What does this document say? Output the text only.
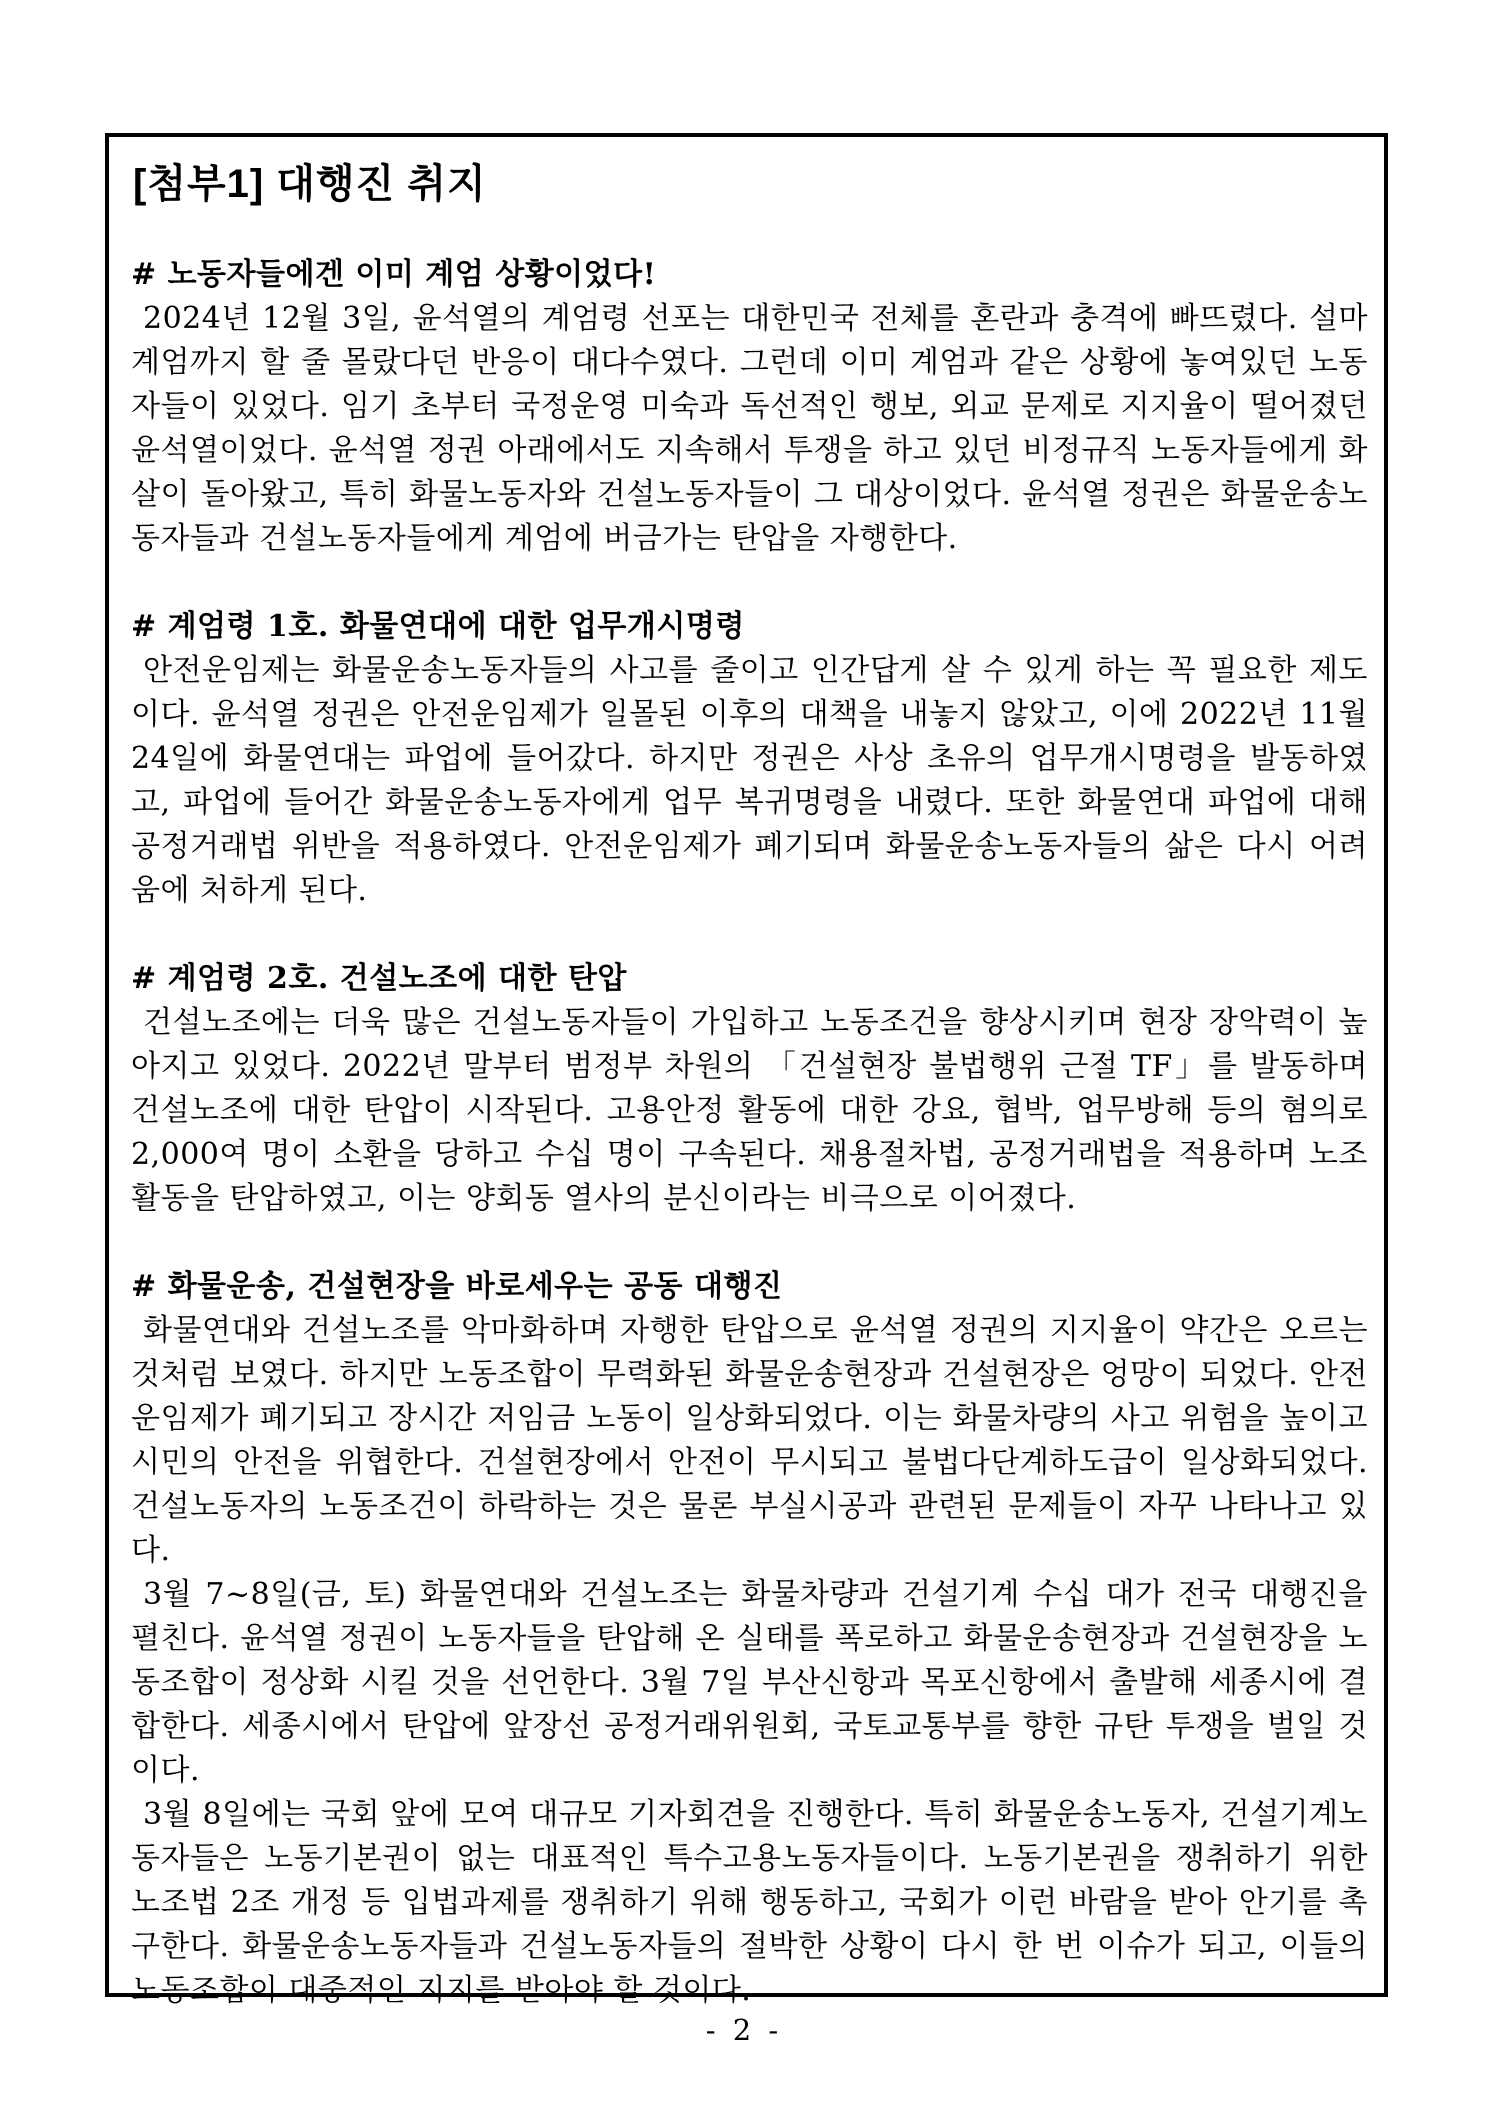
[첨부1] 대행진 취지
# 노동자들에겐 이미 계엄 상황이었다!

2024년 12월 3일, 윤석열의 계엄령 선포는 대한민국 전체를 혼란과 충격에 빠뜨렸다. 설마 계엄까지 할 줄 몰랐다던 반응이 대다수였다. 그런데 이미 계엄과 같은 상황에 놓여있던 노동자들이 있었다. 임기 초부터 국정운영 미숙과 독선적인 행보, 외교 문제로 지지율이 떨어졌던 윤석열이었다. 윤석열 정권 아래에서도 지속해서 투쟁을 하고 있던 비정규직 노동자들에게 화살이 돌아왔고, 특히 화물노동자와 건설노동자들이 그 대상이었다. 윤석열 정권은 화물운송노동자들과 건설노동자들에게 계엄에 버금가는 탄압을 자행한다.

# 계엄령 1호. 화물연대에 대한 업무개시명령

안전운임제는 화물운송노동자들의 사고를 줄이고 인간답게 살 수 있게 하는 꼭 필요한 제도이다. 윤석열 정권은 안전운임제가 일몰된 이후의 대책을 내놓지 않았고, 이에 2022년 11월 24일에 화물연대는 파업에 들어갔다. 하지만 정권은 사상 초유의 업무개시명령을 발동하였고, 파업에 들어간 화물운송노동자에게 업무 복귀명령을 내렸다. 또한 화물연대 파업에 대해 공정거래법 위반을 적용하였다. 안전운임제가 폐기되며 화물운송노동자들의 삶은 다시 어려움에 처하게 된다.

# 계엄령 2호. 건설노조에 대한 탄압

건설노조에는 더욱 많은 건설노동자들이 가입하고 노동조건을 향상시키며 현장 장악력이 높아지고 있었다. 2022년 말부터 범정부 차원의 「건설현장 불법행위 근절 TF」를 발동하며 건설노조에 대한 탄압이 시작된다. 고용안정 활동에 대한 강요, 협박, 업무방해 등의 혐의로 2,000여 명이 소환을 당하고 수십 명이 구속된다. 채용절차법, 공정거래법을 적용하며 노조활동을 탄압하였고, 이는 양회동 열사의 분신이라는 비극으로 이어졌다.

# 화물운송, 건설현장을 바로세우는 공동 대행진

화물연대와 건설노조를 악마화하며 자행한 탄압으로 윤석열 정권의 지지율이 약간은 오르는 것처럼 보였다. 하지만 노동조합이 무력화된 화물운송현장과 건설현장은 엉망이 되었다. 안전운임제가 폐기되고 장시간 저임금 노동이 일상화되었다. 이는 화물차량의 사고 위험을 높이고 시민의 안전을 위협한다. 건설현장에서 안전이 무시되고 불법다단계하도급이 일상화되었다. 건설노동자의 노동조건이 하락하는 것은 물론 부실시공과 관련된 문제들이 자꾸 나타나고 있다.

3월 7~8일(금, 토) 화물연대와 건설노조는 화물차량과 건설기계 수십 대가 전국 대행진을 펼친다. 윤석열 정권이 노동자들을 탄압해 온 실태를 폭로하고 화물운송현장과 건설현장을 노동조합이 정상화 시킬 것을 선언한다. 3월 7일 부산신항과 목포신항에서 출발해 세종시에 결합한다. 세종시에서 탄압에 앞장선 공정거래위원회, 국토교통부를 향한 규탄 투쟁을 벌일 것이다.

3월 8일에는 국회 앞에 모여 대규모 기자회견을 진행한다. 특히 화물운송노동자, 건설기계노동자들은 노동기본권이 없는 대표적인 특수고용노동자들이다. 노동기본권을 쟁취하기 위한 노조법 2조 개정 등 입법과제를 쟁취하기 위해 행동하고, 국회가 이런 바람을 받아 안기를 촉구한다. 화물운송노동자들과 건설노동자들의 절박한 상황이 다시 한 번 이슈가 되고, 이들의 노동조합이 대중적인 지지를 받아야 할 것이다.

- 2 -
